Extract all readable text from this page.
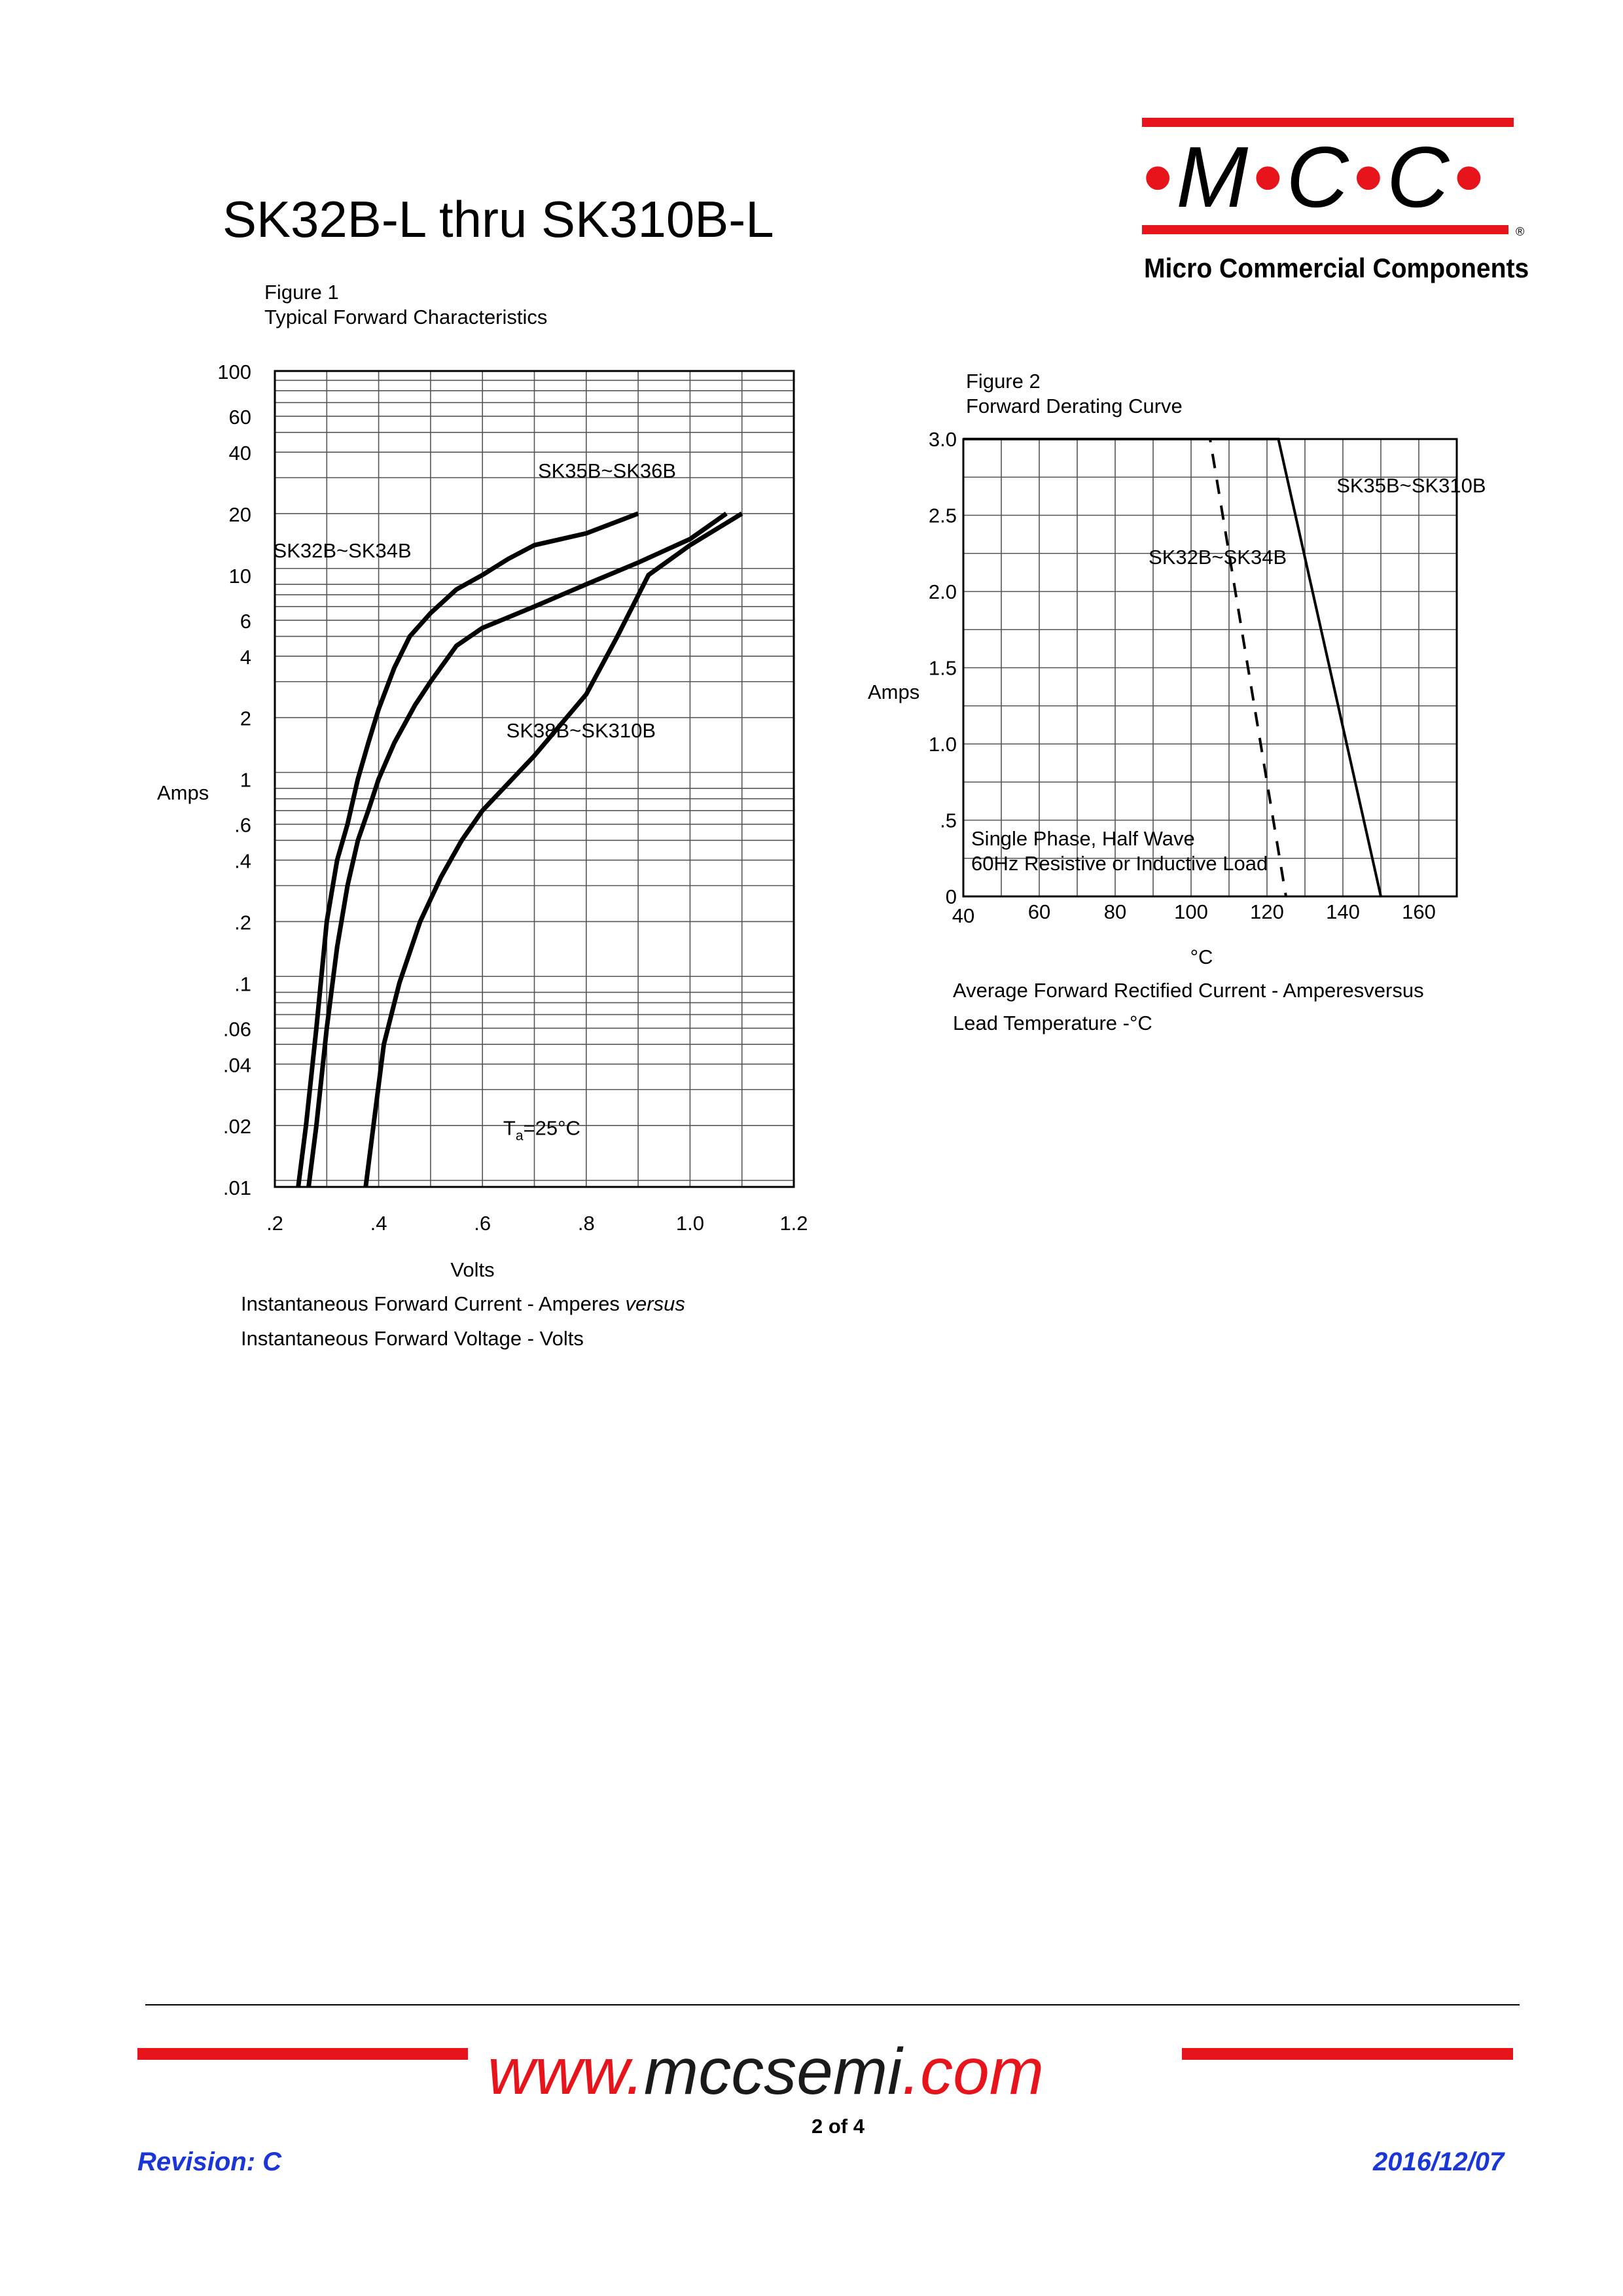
SK32B-L thru SK310B-L	•M•C•C•
®
Micro Commercial Components
Figure 1
Typical Forward Characteristics
Figure 2
Forward Derating Curve
.01
.02
.04
.06
.1
.2
.4
.6
1
2
4
6
10
20
40
60
100
.2	.4	.6	.8	1.0	1.2
Amps
Volts
$T_a=25^\circ C$
SK32B~SK34B
SK35B~SK36B
SK38B~SK310B
Instantaneous Forward Current - Amperes versus
Instantaneous Forward Voltage - Volts
0
.5
1.0
1.5
2.0
2.5
3.0
40	60	80 100 120 140 160
Amps
°C
SK32B~SK34B
SK35B~SK310B
Single Phase, Half Wave
60Hz Resistive or Inductive Load
Average Forward Rectified Current - Amperesversus
Lead Temperature -°C
www.mccsemi.com
2 of 4
Revision: C	2016/12/07
